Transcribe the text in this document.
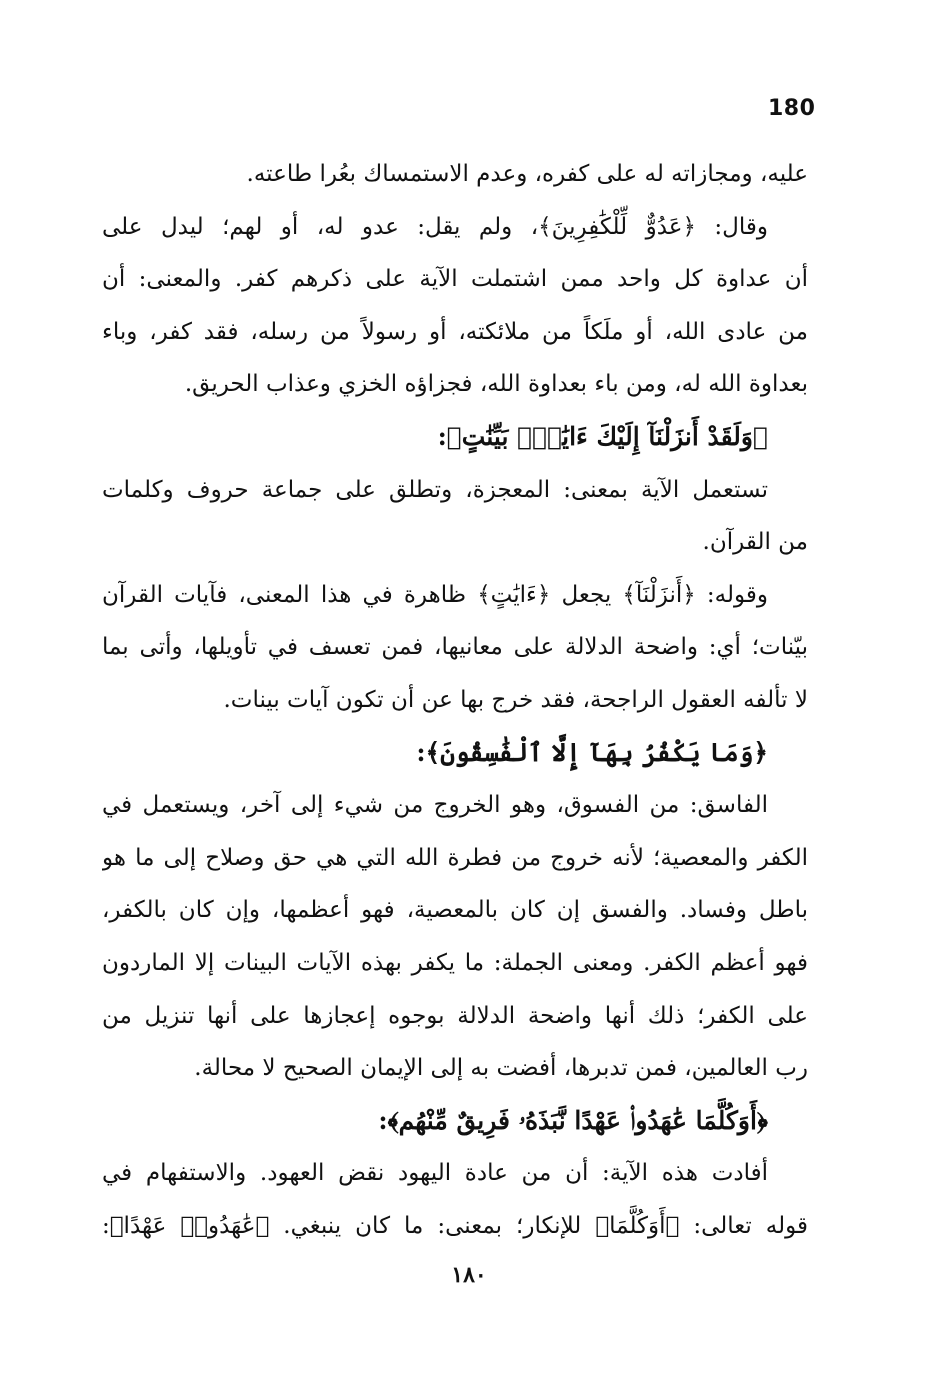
180
عليه، ومجازاته له على كفره، وعدم الاستمساك بعُرا طاعته.
وقال: ﴿عَدُوٌّ لِّلْكَٰفِرِينَ﴾، ولم يقل: عدو له، أو لهم؛ ليدل على
أن عداوة كل واحد ممن اشتملت الآية على ذكرهم كفر. والمعنى: أن
من عادى الله، أو ملَكاً من ملائكته، أو رسولاً من رسله، فقد كفر، وباء
بعداوة الله له، ومن باء بعداوة الله، فجزاؤه الخزي وعذاب الحريق.
﴿وَلَقَدْ أَنزَلْنَآ إِلَيْكَ ءَايَٰتٍۭ بَيِّنَٰتٍ﴾:
تستعمل الآية بمعنى: المعجزة، وتطلق على جماعة حروف وكلمات
من القرآن.
وقوله: ﴿أَنزَلْنَآ﴾ يجعل ﴿ءَايَٰتٍ﴾ ظاهرة في هذا المعنى، فآيات القرآن
بيّنات؛ أي: واضحة الدلالة على معانيها، فمن تعسف في تأويلها، وأتى بما
لا تألفه العقول الراجحة، فقد خرج بها عن أن تكون آيات بينات.
﴿وَمَا يَكْفُرُ بِهَآ إِلَّا ٱلْفَٰسِقُونَ﴾:
الفاسق: من الفسوق، وهو الخروج من شيء إلى آخر، ويستعمل في
الكفر والمعصية؛ لأنه خروج من فطرة الله التي هي حق وصلاح إلى ما هو
باطل وفساد. والفسق إن كان بالمعصية، فهو أعظمها، وإن كان بالكفر،
فهو أعظم الكفر. ومعنى الجملة: ما يكفر بهذه الآيات البينات إلا الماردون
على الكفر؛ ذلك أنها واضحة الدلالة بوجوه إعجازها على أنها تنزيل من
رب العالمين، فمن تدبرها، أفضت به إلى الإيمان الصحيح لا محالة.
﴿أَوَكُلَّمَا عَٰهَدُوا۟ عَهْدًا نَّبَذَهُۥ فَرِيقٌ مِّنْهُم﴾:
أفادت هذه الآية: أن من عادة اليهود نقض العهود. والاستفهام في
قوله تعالى: ﴿أَوَكُلَّمَا﴾ للإنكار؛ بمعنى: ما كان ينبغي. ﴿عَٰهَدُوا۟ عَهْدًا﴾:
١٨٠
